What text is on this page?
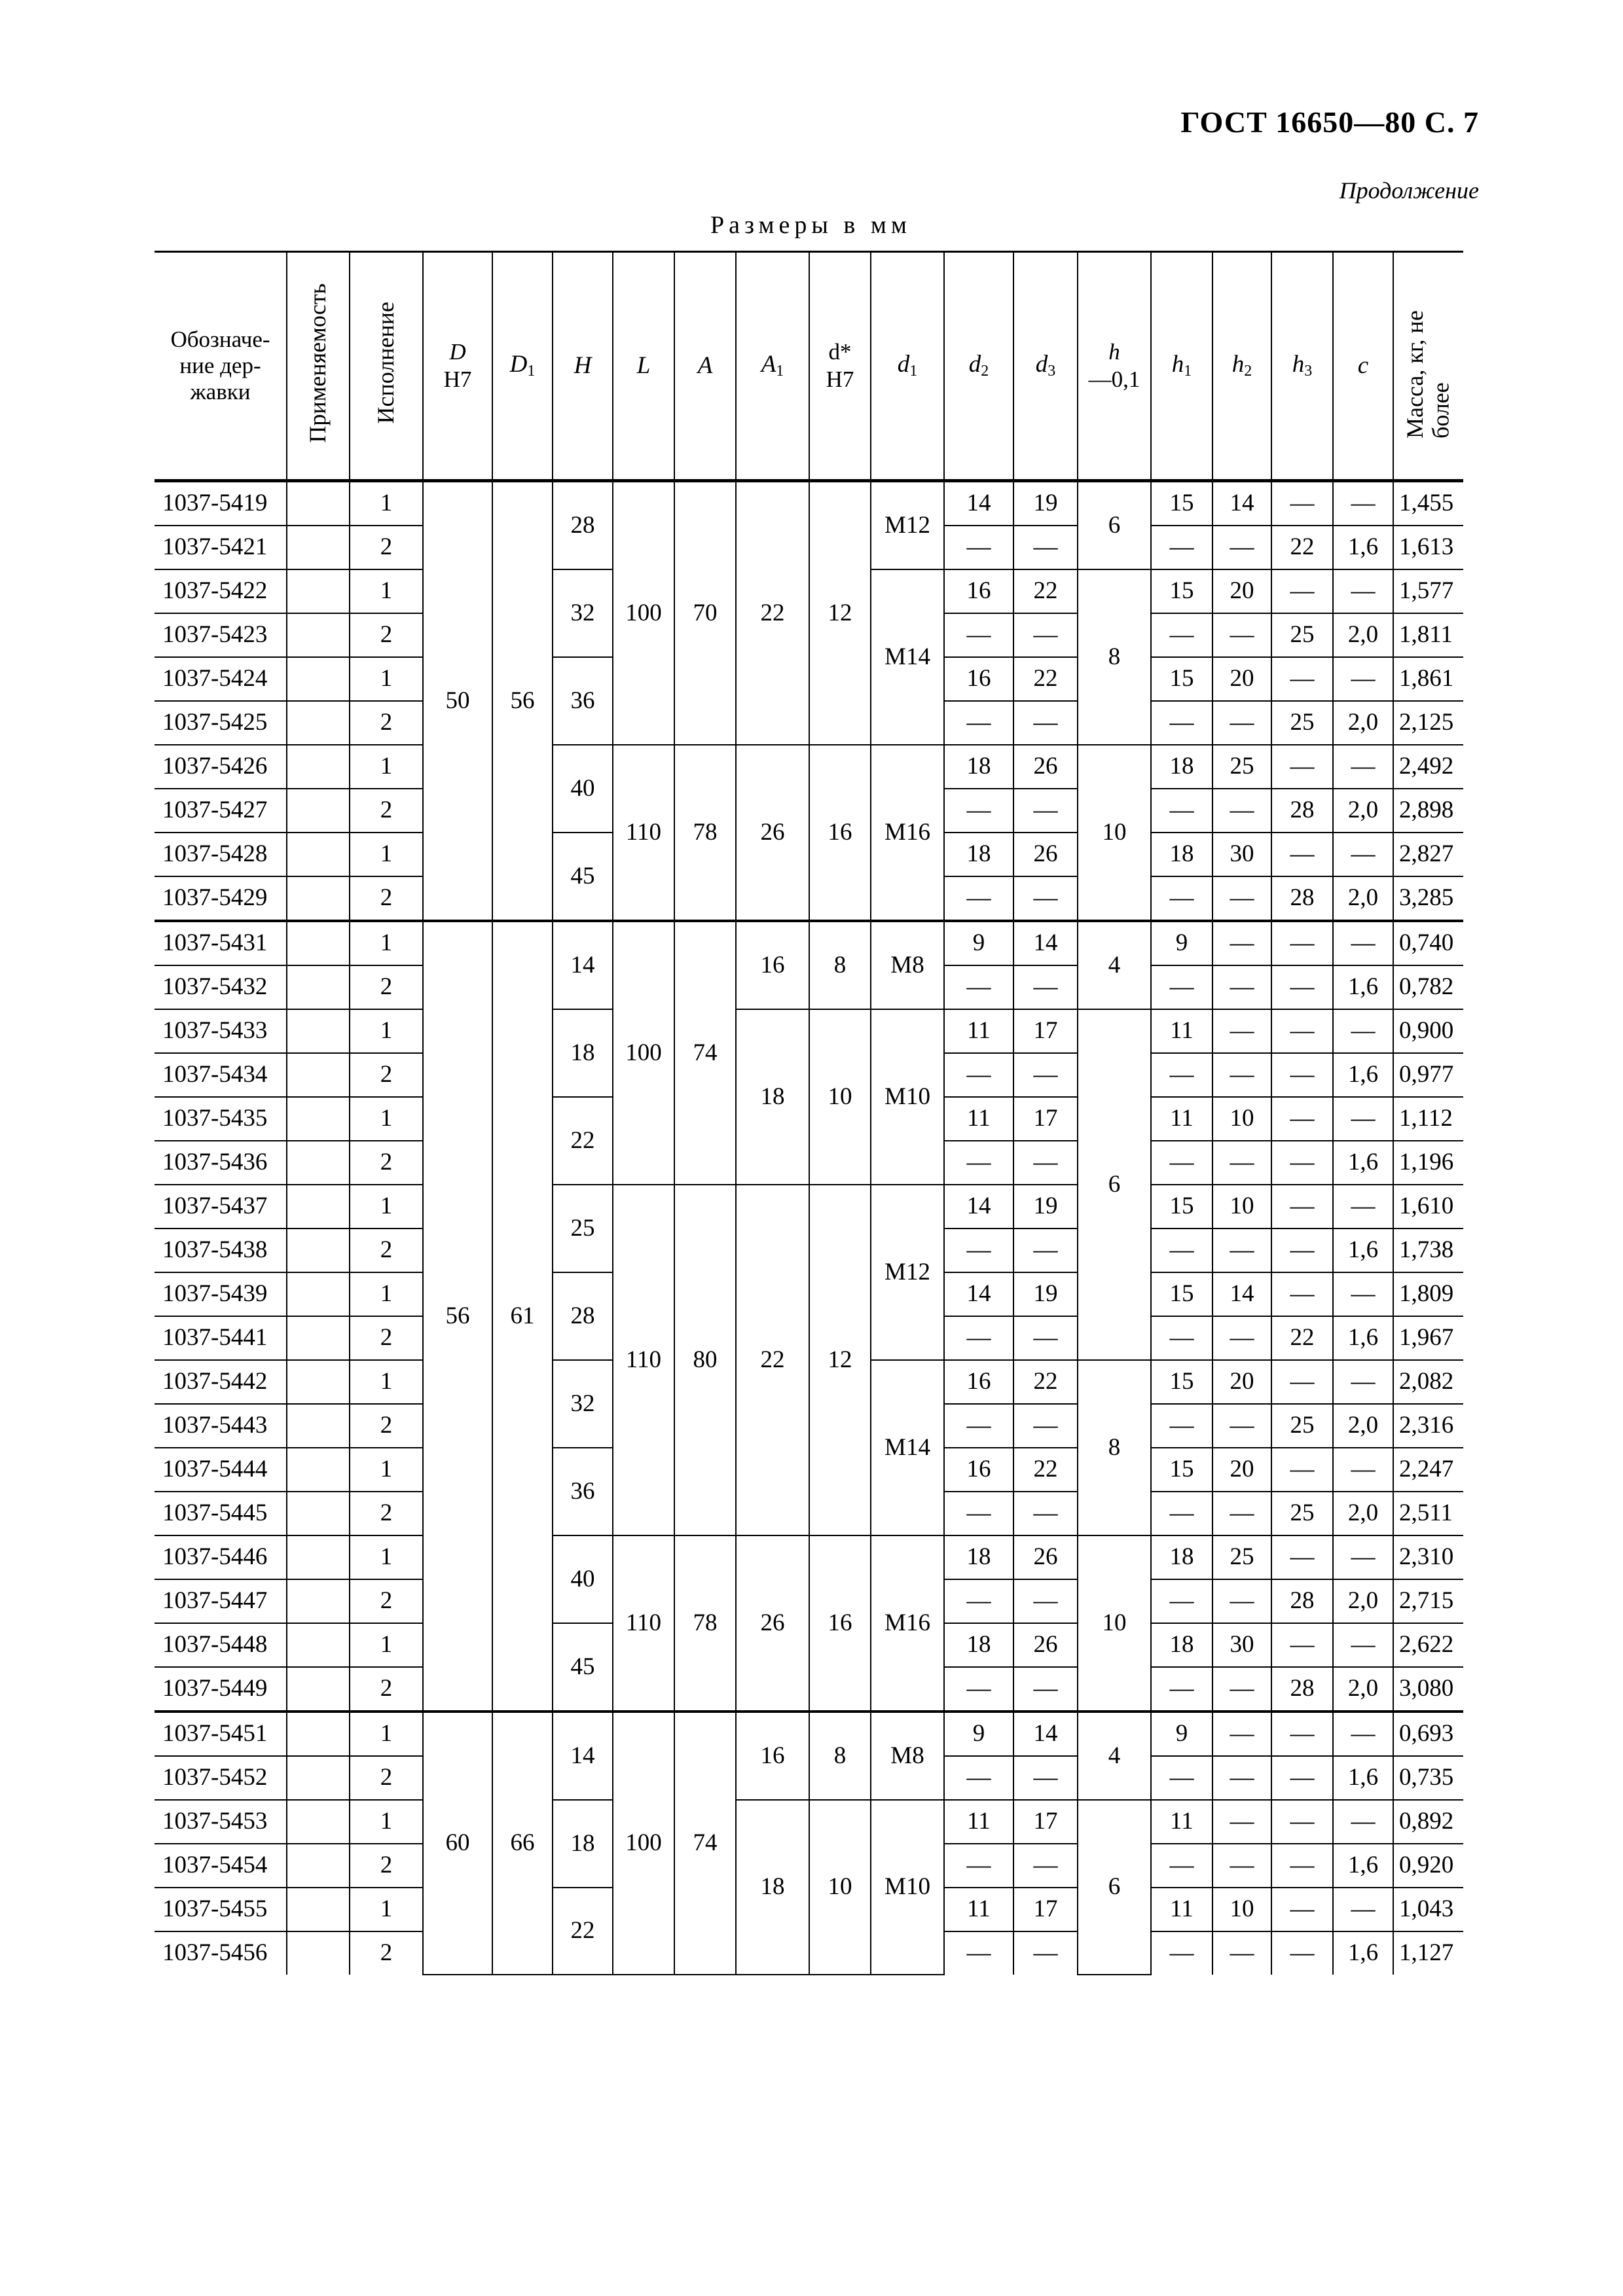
ГОСТ 16650—80 С. 7
Продолжение
Размеры в мм
Обозначе-ние дер-жавки	Применяемость	Исполнение	D
H7	$D_1$	H	L	A	$A_1$	d*
H7	$d_1$	$d_2$	$d_3$	h
—0,1	$h_1$	$h_2$	$h_3$	c	Масса, кг, не более
1037-5419		1	50	56	28	100	70	22	12	M12	14	19	6	15	14	—	—	1,455
1037-5421		2									—	—		—	—	22	1,6	1,613
1037-5422		1			32					M14	16	22	8	15	20	—	—	1,577
1037-5423		2									—	—		—	—	25	2,0	1,811
1037-5424		1			36						16	22		15	20	—	—	1,861
1037-5425		2									—	—		—	—	25	2,0	2,125
1037-5426		1			40	110	78	26	16	M16	18	26	10	18	25	—	—	2,492
1037-5427		2									—	—		—	—	28	2,0	2,898
1037-5428		1			45						18	26		18	30	—	—	2,827
1037-5429		2									—	—		—	—	28	2,0	3,285
1037-5431		1	56	61	14	100	74	16	8	M8	9	14	4	9	—	—	—	0,740
1037-5432		2									—	—		—	—	—	1,6	0,782
1037-5433		1			18			18	10	M10	11	17	6	11	—	—	—	0,900
1037-5434		2									—	—		—	—	—	1,6	0,977
1037-5435		1			22						11	17		11	10	—	—	1,112
1037-5436		2									—	—		—	—	—	1,6	1,196
1037-5437		1			25	110	80	22	12	M12	14	19		15	10	—	—	1,610
1037-5438		2									—	—		—	—	—	1,6	1,738
1037-5439		1			28						14	19		15	14	—	—	1,809
1037-5441		2									—	—		—	—	22	1,6	1,967
1037-5442		1			32					M14	16	22	8	15	20	—	—	2,082
1037-5443		2									—	—		—	—	25	2,0	2,316
1037-5444		1			36						16	22		15	20	—	—	2,247
1037-5445		2									—	—		—	—	25	2,0	2,511
1037-5446		1			40	110	78	26	16	M16	18	26	10	18	25	—	—	2,310
1037-5447		2									—	—		—	—	28	2,0	2,715
1037-5448		1			45						18	26		18	30	—	—	2,622
1037-5449		2									—	—		—	—	28	2,0	3,080
1037-5451		1	60	66	14	100	74	16	8	M8	9	14	4	9	—	—	—	0,693
1037-5452		2									—	—		—	—	—	1,6	0,735
1037-5453		1			18			18	10	M10	11	17	6	11	—	—	—	0,892
1037-5454		2									—	—		—	—	—	1,6	0,920
1037-5455		1			22						11	17		11	10	—	—	1,043
1037-5456		2									—	—		—	—	—	1,6	1,127
